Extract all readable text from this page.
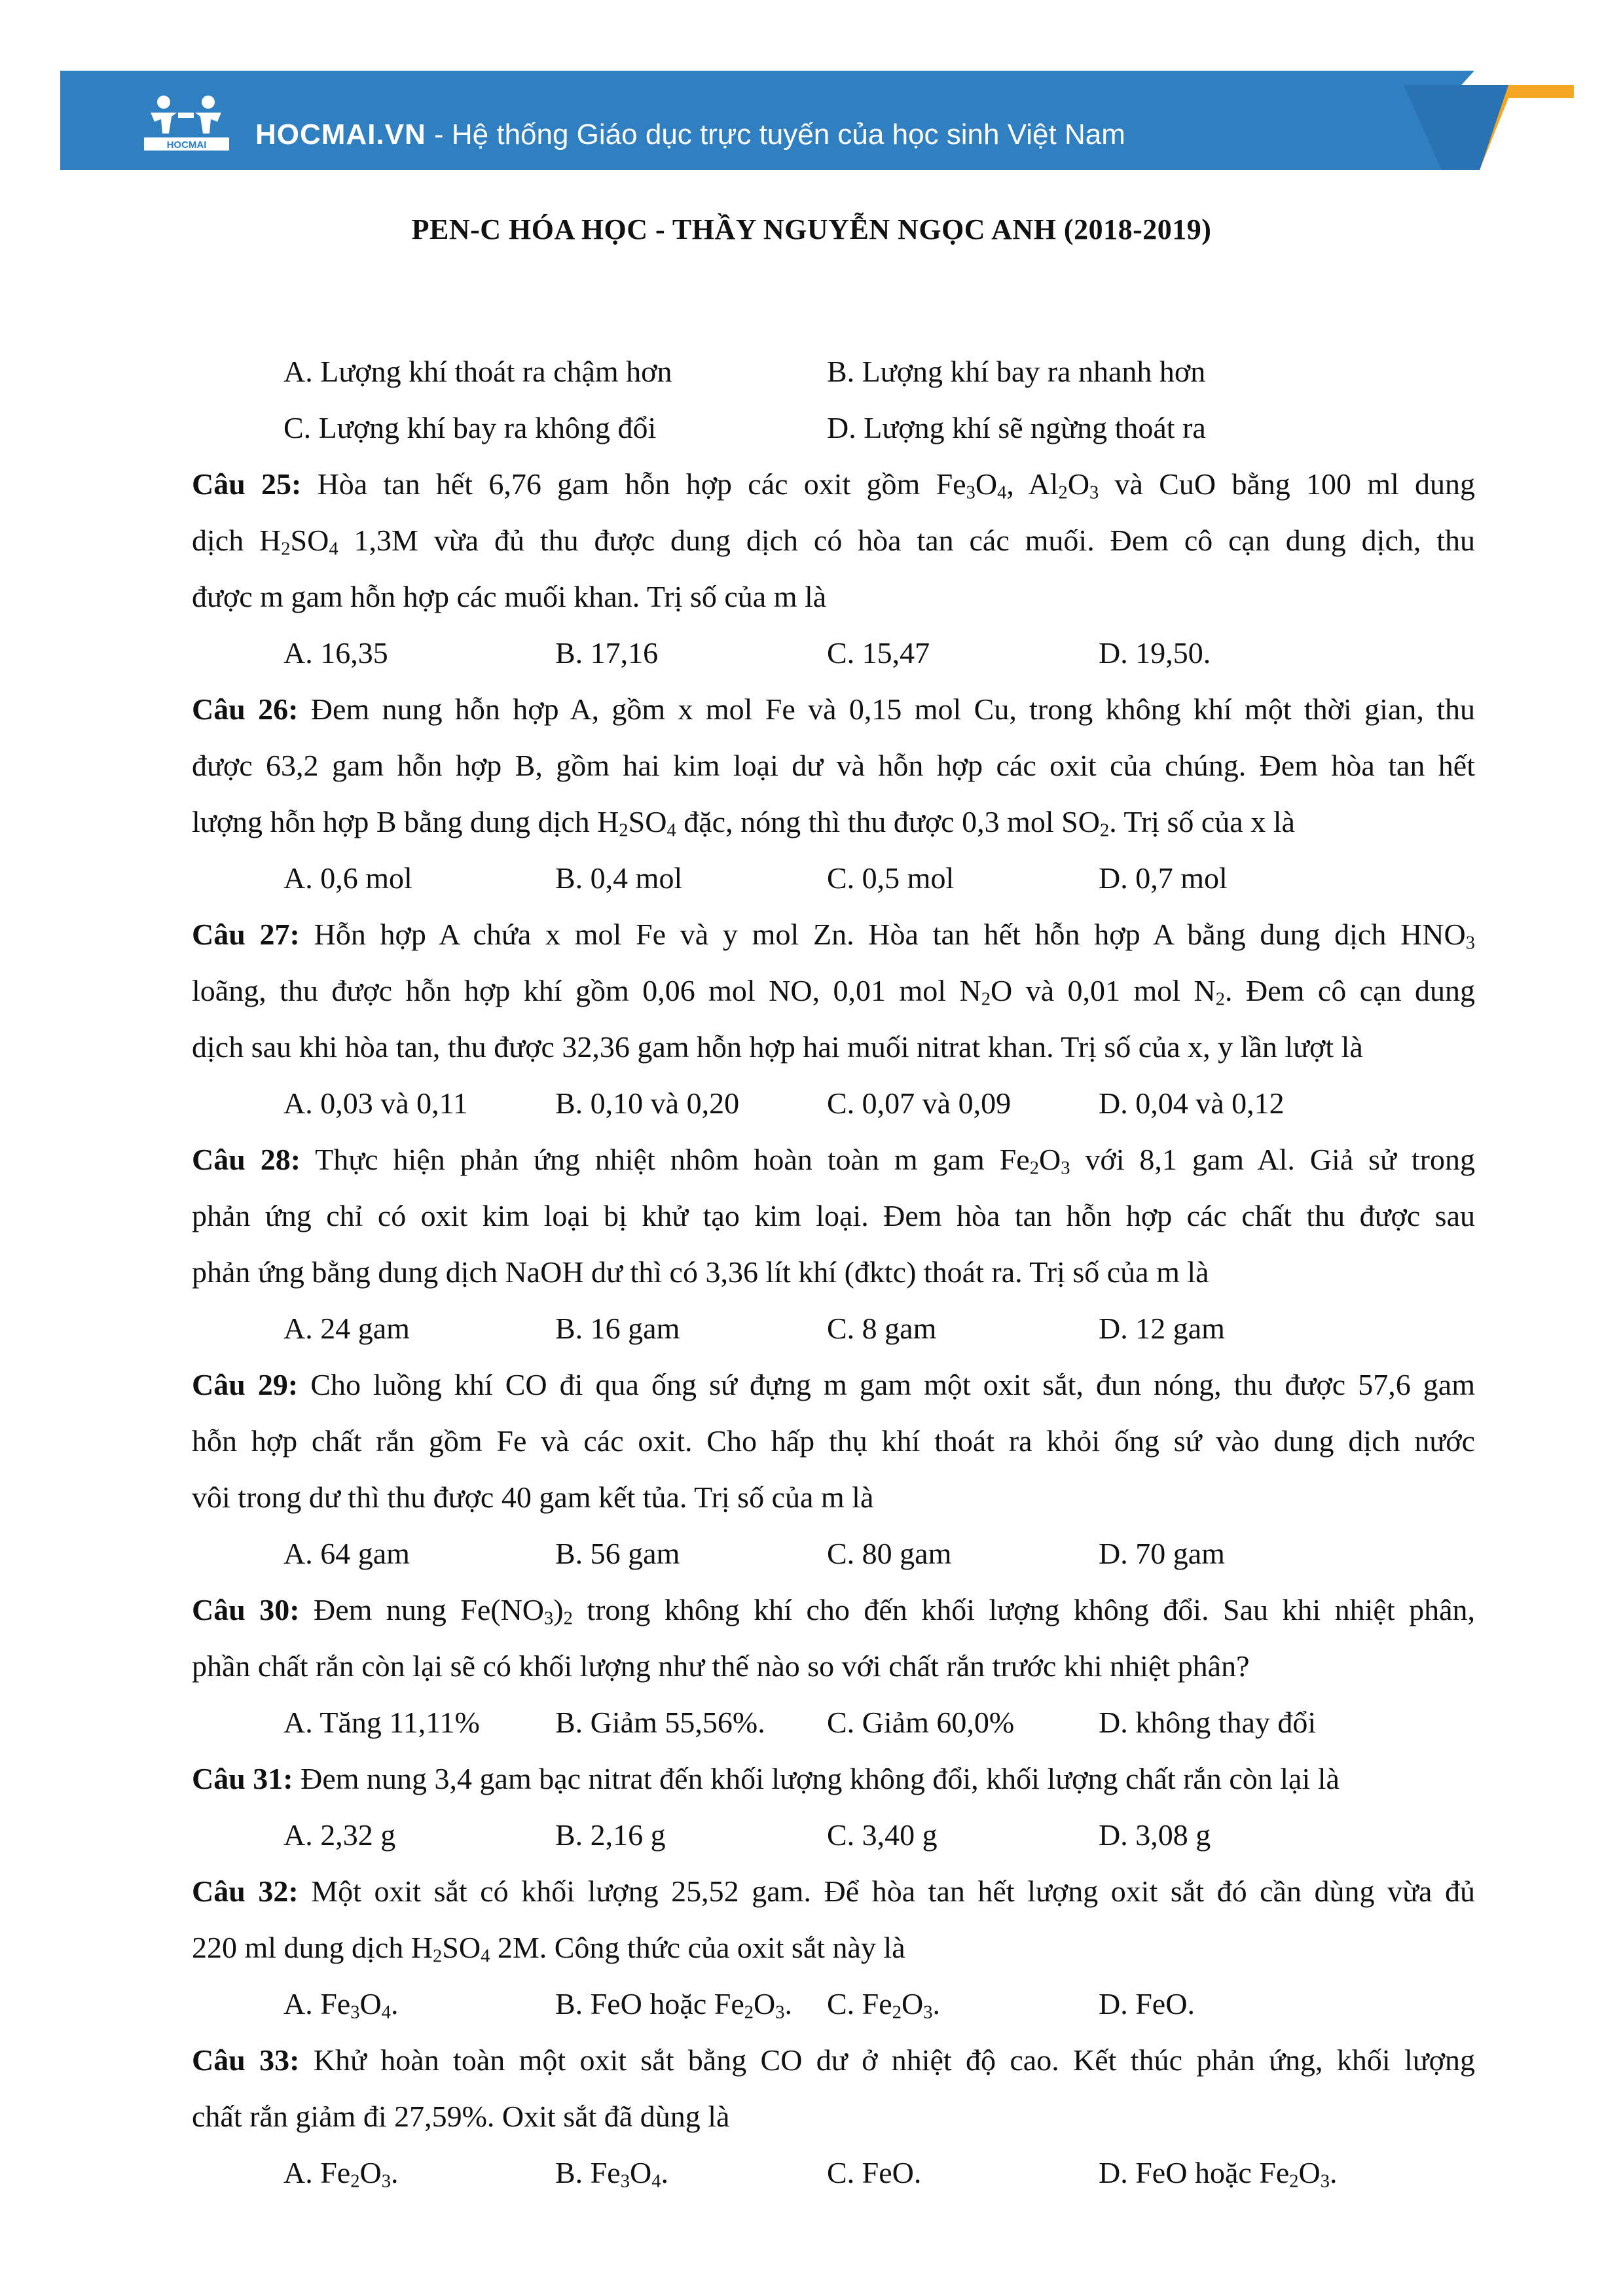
HOCMAI HOCMAI.VN - Hệ thống Giáo dục trực tuyến của học sinh Việt Nam
PEN-C HÓA HỌC - THẦY NGUYỄN NGỌC ANH (2018-2019)
A. Lượng khí thoát ra chậm hơn	B. Lượng khí bay ra nhanh hơn
C. Lượng khí bay ra không đổi	D. Lượng khí sẽ ngừng thoát ra
Câu 25: Hòa tan hết 6,76 gam hỗn hợp các oxit gồm $Fe_3O_4$, $Al_2O_3$ và CuO bằng 100 ml dung
dịch $H_2SO_4$ 1,3M vừa đủ thu được dung dịch có hòa tan các muối. Đem cô cạn dung dịch, thu
được m gam hỗn hợp các muối khan. Trị số của m là
A. 16,35	B. 17,16	C. 15,47	D. 19,50.
Câu 26: Đem nung hỗn hợp A, gồm x mol Fe và 0,15 mol Cu, trong không khí một thời gian, thu
được 63,2 gam hỗn hợp B, gồm hai kim loại dư và hỗn hợp các oxit của chúng. Đem hòa tan hết
lượng hỗn hợp B bằng dung dịch $H_2SO_4$ đặc, nóng thì thu được 0,3 mol $SO_2$. Trị số của x là
A. 0,6 mol	B. 0,4 mol	C. 0,5 mol	D. 0,7 mol
Câu 27: Hỗn hợp A chứa x mol Fe và y mol Zn. Hòa tan hết hỗn hợp A bằng dung dịch $HNO_3$
loãng, thu được hỗn hợp khí gồm 0,06 mol NO, 0,01 mol $N_2O$ và 0,01 mol $N_2$. Đem cô cạn dung
dịch sau khi hòa tan, thu được 32,36 gam hỗn hợp hai muối nitrat khan. Trị số của x, y lần lượt là
A. 0,03 và 0,11	B. 0,10 và 0,20	C. 0,07 và 0,09	D. 0,04 và 0,12
Câu 28: Thực hiện phản ứng nhiệt nhôm hoàn toàn m gam $Fe_2O_3$ với 8,1 gam Al. Giả sử trong
phản ứng chỉ có oxit kim loại bị khử tạo kim loại. Đem hòa tan hỗn hợp các chất thu được sau
phản ứng bằng dung dịch NaOH dư thì có 3,36 lít khí (đktc) thoát ra. Trị số của m là
A. 24 gam	B. 16 gam	C. 8 gam	D. 12 gam
Câu 29: Cho luồng khí CO đi qua ống sứ đựng m gam một oxit sắt, đun nóng, thu được 57,6 gam
hỗn hợp chất rắn gồm Fe và các oxit. Cho hấp thụ khí thoát ra khỏi ống sứ vào dung dịch nước
vôi trong dư thì thu được 40 gam kết tủa. Trị số của m là
A. 64 gam	B. 56 gam	C. 80 gam	D. 70 gam
Câu 30: Đem nung $Fe(NO_3)_2$ trong không khí cho đến khối lượng không đổi. Sau khi nhiệt phân,
phần chất rắn còn lại sẽ có khối lượng như thế nào so với chất rắn trước khi nhiệt phân?
A. Tăng 11,11%	B. Giảm 55,56%. C. Giảm 60,0%	D. không thay đổi
Câu 31: Đem nung 3,4 gam bạc nitrat đến khối lượng không đổi, khối lượng chất rắn còn lại là
A. 2,32 g	B. 2,16 g	C. 3,40 g	D. 3,08 g
Câu 32: Một oxit sắt có khối lượng 25,52 gam. Để hòa tan hết lượng oxit sắt đó cần dùng vừa đủ
220 ml dung dịch $H_2SO_4$ 2M. Công thức của oxit sắt này là
A. $Fe_3O_4$.	B. FeO hoặc $Fe_2O_3$. C. $Fe_2O_3$.	D. FeO.
Câu 33: Khử hoàn toàn một oxit sắt bằng CO dư ở nhiệt độ cao. Kết thúc phản ứng, khối lượng
chất rắn giảm đi 27,59%. Oxit sắt đã dùng là
A. $Fe_2O_3$.	B. $Fe_3O_4$.	C. FeO.	D. FeO hoặc $Fe_2O_3$.
